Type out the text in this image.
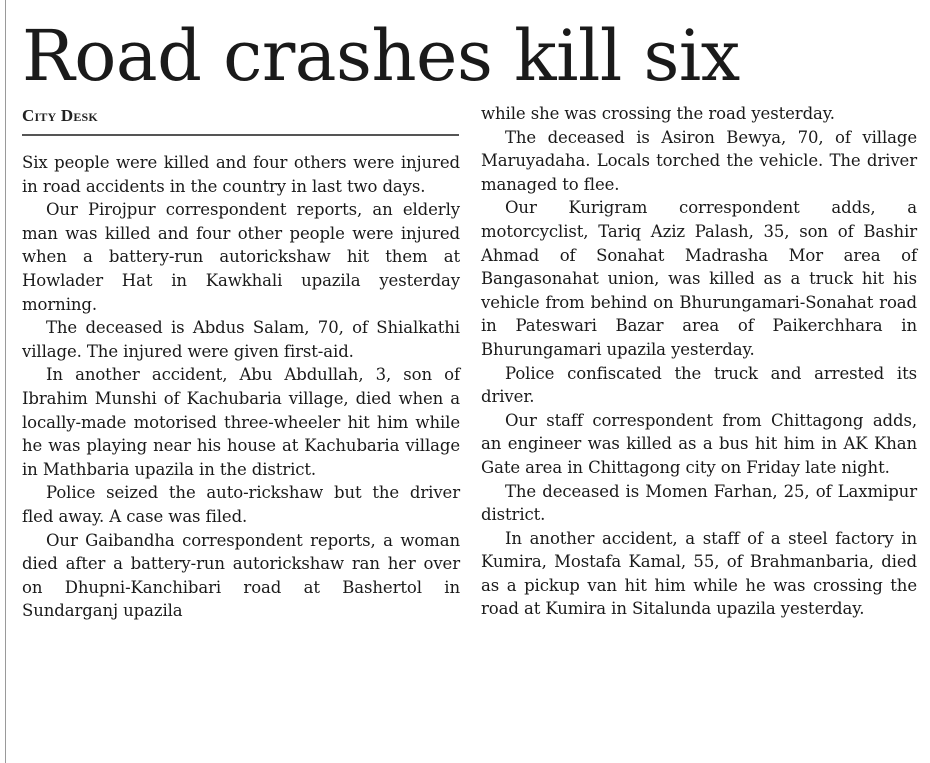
Road crashes kill six
City Desk

Six people were killed and four others were injured in road accidents in the country in last two days.

Our Pirojpur correspondent reports, an elderly man was killed and four other people were injured when a battery-run autorickshaw hit them at Howlader Hat in Kawkhali upazila yesterday morning.

The deceased is Abdus Salam, 70, of Shialkathi village. The injured were given first-aid.

In another accident, Abu Abdullah, 3, son of Ibrahim Munshi of Kachubaria village, died when a locally-made motorised three-wheeler hit him while he was playing near his house at Kachubaria village in Mathbaria upazila in the district.

Police seized the auto-rickshaw but the driver fled away. A case was filed.

Our Gaibandha correspondent reports, a woman died after a battery-run autorickshaw ran her over on Dhupni-Kanchibari road at Bashertol in Sundarganj upazila

while she was crossing the road yesterday.

The deceased is Asiron Bewya, 70, of village Maruyadaha. Locals torched the vehicle. The driver managed to flee.

Our Kurigram correspondent adds, a motorcyclist, Tariq Aziz Palash, 35, son of Bashir Ahmad of Sonahat Madrasha Mor area of Bangasonahat union, was killed as a truck hit his vehicle from behind on Bhurungamari-Sonahat road in Pateswari Bazar area of Paikerchhara in Bhurungamari upazila yesterday.

Police confiscated the truck and arrested its driver.

Our staff correspondent from Chittagong adds, an engineer was killed as a bus hit him in AK Khan Gate area in Chittagong city on Friday late night.

The deceased is Momen Farhan, 25, of Laxmipur district.

In another accident, a staff of a steel factory in Kumira, Mostafa Kamal, 55, of Brahmanbaria, died as a pickup van hit him while he was crossing the road at Kumira in Sitalunda upazila yesterday.
